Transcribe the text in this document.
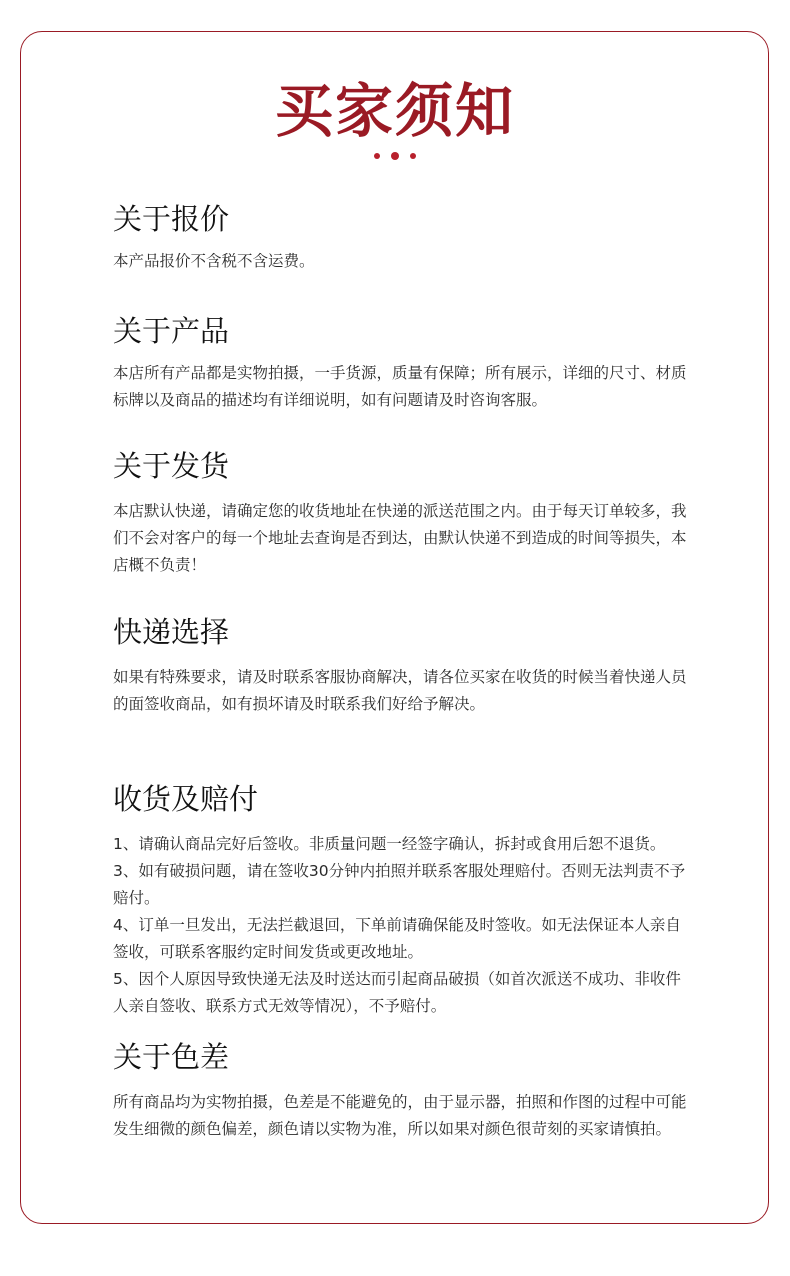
买家须知
关于报价

本产品报价不含税不含运费。

关于产品

本店所有产品都是实物拍摄，一手货源，质量有保障；所有展示，详细的尺寸、材质标牌以及商品的描述均有详细说明，如有问题请及时咨询客服。

关于发货

本店默认快递，请确定您的收货地址在快递的派送范围之内。由于每天订单较多，我们不会对客户的每一个地址去查询是否到达，由默认快递不到造成的时间等损失，本店概不负责！

快递选择

如果有特殊要求，请及时联系客服协商解决，请各位买家在收货的时候当着快递人员的面签收商品，如有损坏请及时联系我们好给予解决。

收货及赔付

1、请确认商品完好后签收。非质量问题一经签字确认，拆封或食用后恕不退货。

3、如有破损问题，请在签收30分钟内拍照并联系客服处理赔付。否则无法判责不予赔付。

4、订单一旦发出，无法拦截退回，下单前请确保能及时签收。如无法保证本人亲自签收，可联系客服约定时间发货或更改地址。

5、因个人原因导致快递无法及时送达而引起商品破损（如首次派送不成功、非收件人亲自签收、联系方式无效等情况），不予赔付。

关于色差

所有商品均为实物拍摄，色差是不能避免的，由于显示器，拍照和作图的过程中可能发生细微的颜色偏差，颜色请以实物为准，所以如果对颜色很苛刻的买家请慎拍。
